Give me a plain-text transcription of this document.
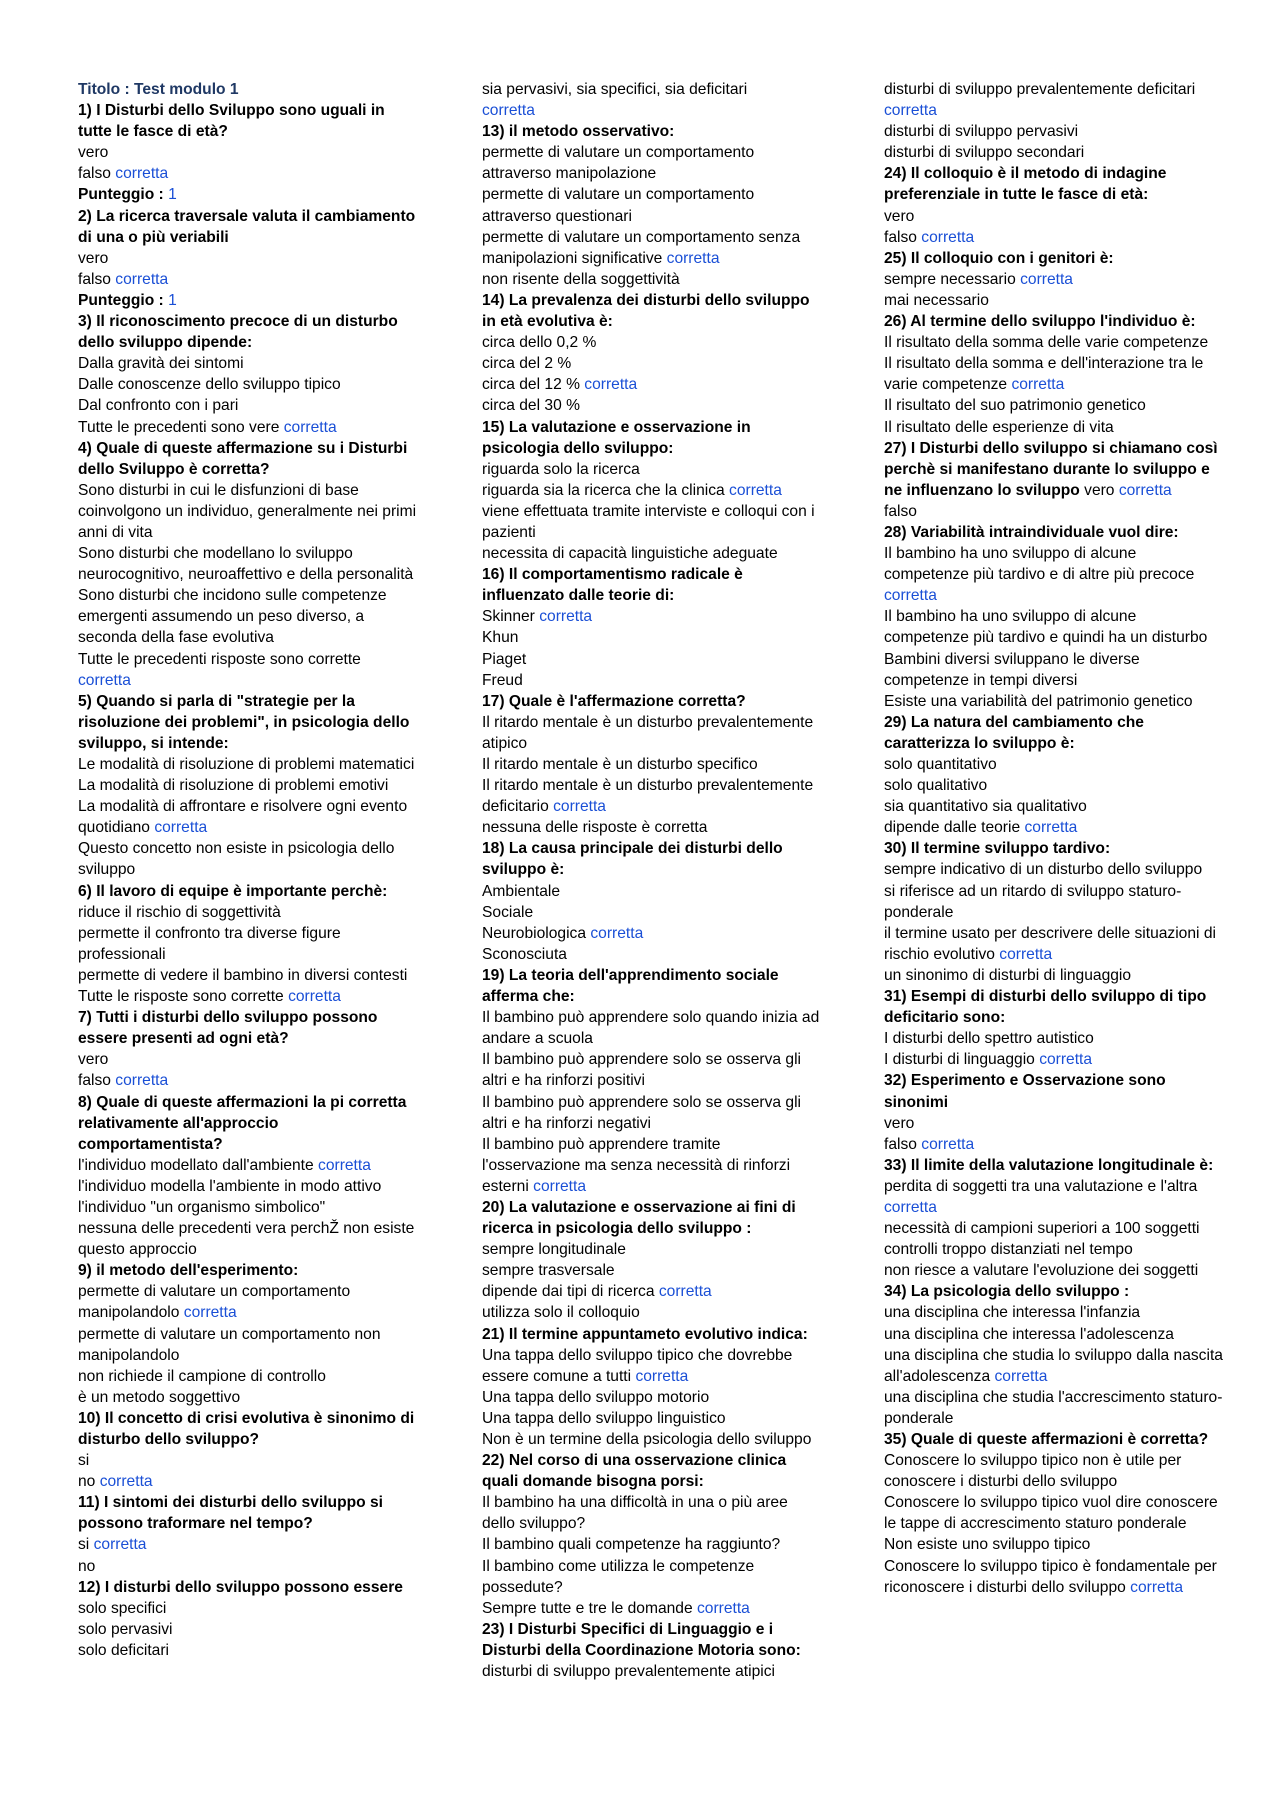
Titolo : Test modulo 1
1) I Disturbi dello Sviluppo sono uguali in tutte le fasce di età?
vero
falso corretta
Punteggio : 1
2) La ricerca traversale valuta il cambiamento di una o più veriabili
vero
falso corretta
Punteggio : 1
3) Il riconoscimento precoce di un disturbo dello sviluppo dipende:
Dalla gravità dei sintomi
Dalle conoscenze dello sviluppo tipico
Dal confronto con i pari
Tutte le precedenti sono vere corretta
4) Quale di queste affermazione su i Disturbi dello Sviluppo è corretta?
Sono disturbi in cui le disfunzioni di base coinvolgono un individuo, generalmente nei primi anni di vita
Sono disturbi che modellano lo sviluppo neurocognitivo, neuroaffettivo e della personalità
Sono disturbi che incidono sulle competenze emergenti assumendo un peso diverso, a seconda della fase evolutiva
Tutte le precedenti risposte sono correttecorretta
5) Quando si parla di "strategie per la risoluzione dei problemi", in psicologia dello sviluppo, si intende:
Le modalità di risoluzione di problemi matematici
La modalità di risoluzione di problemi emotivi
La modalità di affrontare e risolvere ogni evento quotidiano corretta
Questo concetto non esiste in psicologia dello sviluppo
6) Il lavoro di equipe è importante perchè:
riduce il rischio di soggettività
permette il confronto tra diverse figure professionali
permette di vedere il bambino in diversi contesti
Tutte le risposte sono corrette corretta
7) Tutti i disturbi dello sviluppo possono essere presenti ad ogni età?
vero
falso corretta
8) Quale di queste affermazioni la pi corretta relativamente all'approccio comportamentista?
l'individuo modellato dall'ambiente corretta
l'individuo modella l'ambiente in modo attivo
l'individuo "un organismo simbolico"
nessuna delle precedenti vera perchŽ non esiste questo approccio
9) il metodo dell'esperimento:
permette di valutare un comportamento manipolandolo corretta
permette di valutare un comportamento non manipolandolo
non richiede il campione di controllo
è un metodo soggettivo
10) Il concetto di crisi evolutiva è sinonimo di disturbo dello sviluppo?
si
no corretta
11) I sintomi dei disturbi dello sviluppo si possono traformare nel tempo?
si corretta
no
12) I disturbi dello sviluppo possono essere
solo specifici
solo pervasivi
solo deficitari
sia pervasivi, sia specifici, sia deficitari
corretta
13) il metodo osservativo:
permette di valutare un comportamento attraverso manipolazione
permette di valutare un comportamento attraverso questionari
permette di valutare un comportamento senza manipolazioni significative corretta
non risente della soggettività
14) La prevalenza dei disturbi dello sviluppo in età evolutiva è:
circa dello 0,2 %
circa del 2 %
circa del 12 % corretta
circa del 30 %
15) La valutazione e osservazione in psicologia dello sviluppo:
riguarda solo la ricerca
riguarda sia la ricerca che la clinica corretta
viene effettuata tramite interviste e colloqui con i pazienti
necessita di capacità linguistiche adeguate
16) Il comportamentismo radicale è influenzato dalle teorie di:
Skinner corretta
Khun
Piaget
Freud
17) Quale è l'affermazione corretta?
Il ritardo mentale è un disturbo prevalentemente atipico
Il ritardo mentale è un disturbo specifico
Il ritardo mentale è un disturbo prevalentemente deficitario corretta
nessuna delle risposte è corretta
18) La causa principale dei disturbi dello sviluppo è:
Ambientale
Sociale
Neurobiologica corretta
Sconosciuta
19) La teoria dell'apprendimento sociale afferma che:
Il bambino può apprendere solo quando inizia ad andare a scuola
Il bambino può apprendere solo se osserva gli altri e ha rinforzi positivi
Il bambino può apprendere solo se osserva gli altri e ha rinforzi negativi
Il bambino può apprendere tramite l'osservazione ma senza necessità di rinforzi esterni corretta
20) La valutazione e osservazione ai fini di ricerca in psicologia dello sviluppo :
sempre longitudinale
sempre trasversale
dipende dai tipi di ricerca corretta
utilizza solo il colloquio
21) Il termine appuntameto evolutivo indica:
Una tappa dello sviluppo tipico che dovrebbe essere comune a tutti corretta
Una tappa dello sviluppo motorio
Una tappa dello sviluppo linguistico
Non è un termine della psicologia dello sviluppo
22) Nel corso di una osservazione clinica quali domande bisogna porsi:
Il bambino ha una difficoltà in una o più aree dello sviluppo?
Il bambino quali competenze ha raggiunto?
Il bambino come utilizza le competenze possedute?
Sempre tutte e tre le domande corretta
23) I Disturbi Specifici di Linguaggio e i Disturbi della Coordinazione Motoria sono:
disturbi di sviluppo prevalentemente atipici
disturbi di sviluppo prevalentemente deficitari
corretta
disturbi di sviluppo pervasivi
disturbi di sviluppo secondari
24) Il colloquio è il metodo di indagine preferenziale in tutte le fasce di età:
vero
falso corretta
25) Il colloquio con i genitori è:
sempre necessario corretta
mai necessario
26) Al termine dello sviluppo l'individuo è:
Il risultato della somma delle varie competenze
Il risultato della somma e dell'interazione tra le varie competenze corretta
Il risultato del suo patrimonio genetico
Il risultato delle esperienze di vita
27) I Disturbi dello sviluppo si chiamano così perchè si manifestano durante lo sviluppo e ne influenzano lo sviluppo vero corretta
falso
28) Variabilità intraindividuale vuol dire:
Il bambino ha uno sviluppo di alcune competenze più tardivo e di altre più precocecorretta
Il bambino ha uno sviluppo di alcune competenze più tardivo e quindi ha un disturbo
Bambini diversi sviluppano le diverse competenze in tempi diversi
Esiste una variabilità del patrimonio genetico
29) La natura del cambiamento che caratterizza lo sviluppo è:
solo quantitativo
solo qualitativo
sia quantitativo sia qualitativo
dipende dalle teorie corretta
30) Il termine sviluppo tardivo:
sempre indicativo di un disturbo dello sviluppo
si riferisce ad un ritardo di sviluppo staturo-ponderale
il termine usato per descrivere delle situazioni di rischio evolutivo corretta
un sinonimo di disturbi di linguaggio
31) Esempi di disturbi dello sviluppo di tipo deficitario sono:
I disturbi dello spettro autistico
I disturbi di linguaggio corretta
32) Esperimento e Osservazione sono sinonimi
vero
falso corretta
33) Il limite della valutazione longitudinale è:
perdita di soggetti tra una valutazione e l'altracorretta
necessità di campioni superiori a 100 soggetti
controlli troppo distanziati nel tempo
non riesce a valutare l'evoluzione dei soggetti
34) La psicologia dello sviluppo :
una disciplina che interessa l'infanzia
una disciplina che interessa l'adolescenza
una disciplina che studia lo sviluppo dalla nascita all'adolescenza corretta
una disciplina che studia l'accrescimento staturo-ponderale
35) Quale di queste affermazioni è corretta?
Conoscere lo sviluppo tipico non è utile per conoscere i disturbi dello sviluppo
Conoscere lo sviluppo tipico vuol dire conoscere le tappe di accrescimento staturo ponderale
Non esiste uno sviluppo tipico
Conoscere lo sviluppo tipico è fondamentale per riconoscere i disturbi dello sviluppo corretta
